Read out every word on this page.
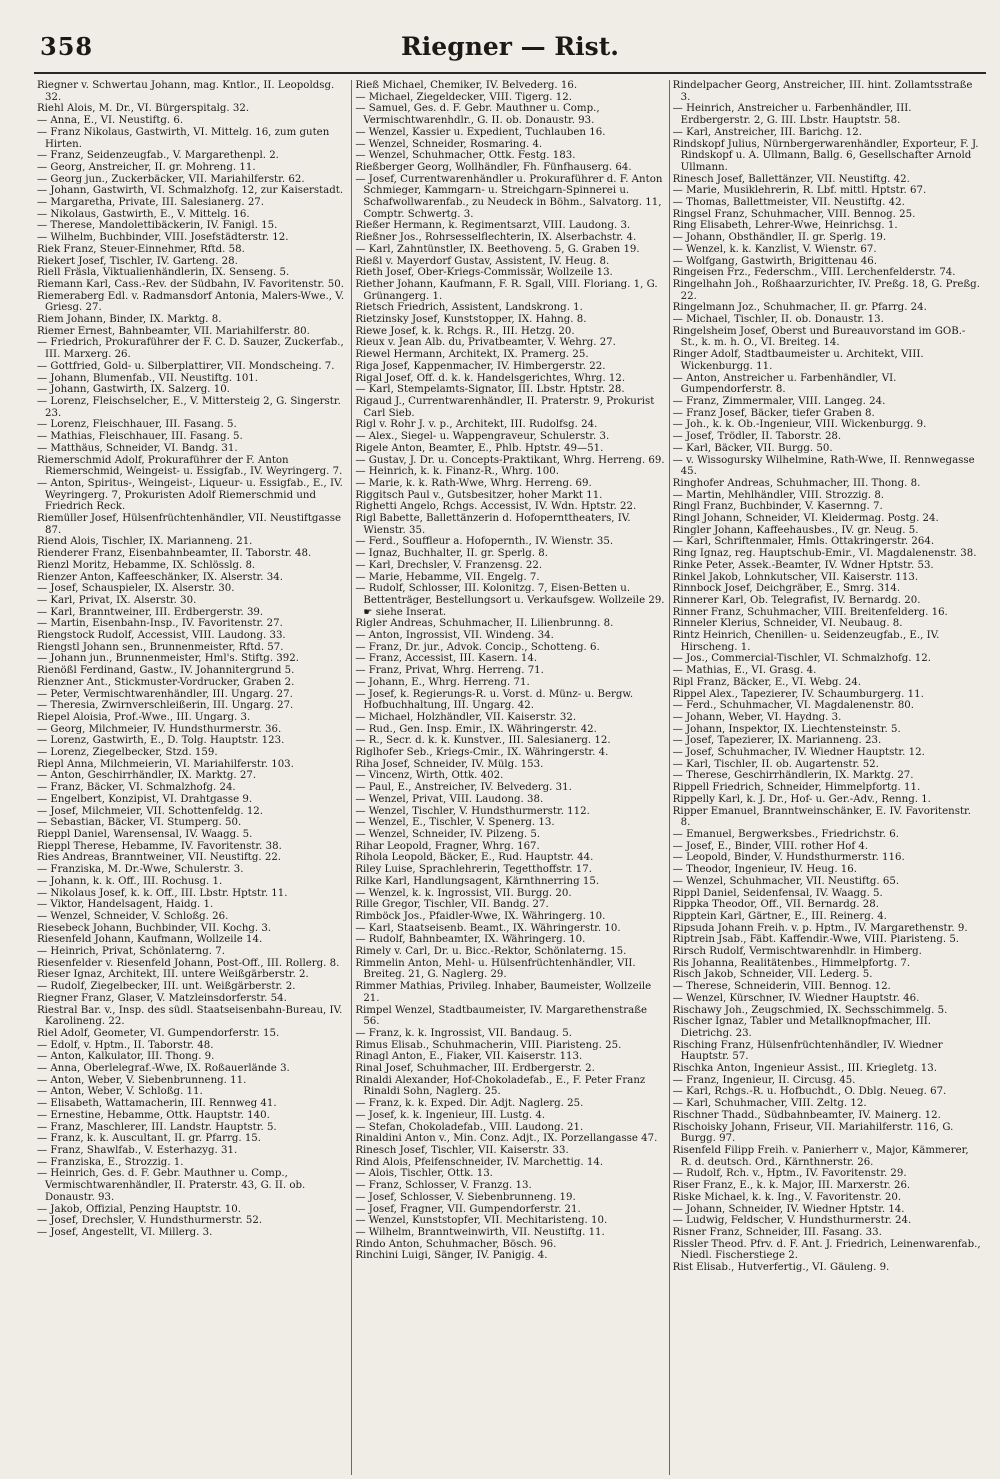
358	Riegner — Rist.

Riegner v. Schwertau Johann, mag. Kntlor., II. Leopoldsg. 32.

Riehl Alois, M. Dr., VI. Bürgerspitalg. 32.

— Anna, E., VI. Neustiftg. 6.

— Franz Nikolaus, Gastwirth, VI. Mittelg. 16, zum guten Hirten.

— Franz, Seidenzeugfab., V. Margarethenpl. 2.

— Georg, Anstreicher, II. gr. Mohreng. 11.

— Georg jun., Zuckerbäcker, VII. Mariahilferstr. 62.

— Johann, Gastwirth, VI. Schmalzhofg. 12, zur Kaiserstadt.

— Margaretha, Private, III. Salesianerg. 27.

— Nikolaus, Gastwirth, E., V. Mittelg. 16.

— Therese, Mandolettibäckerin, IV. Fanigl. 15.

— Wilhelm, Buchbinder, VIII. Josefstädterstr. 12.

Riek Franz, Steuer-Einnehmer, Rftd. 58.

Riekert Josef, Tischler, IV. Garteng. 28.

Riell Fräsla, Viktualienhändlerin, IX. Senseng. 5.

Riemann Karl, Cass.-Rev. der Südbahn, IV. Favoritenstr. 50.

Riemeraberg Edl. v. Radmansdorf Antonia, Malers-Wwe., V. Griesg. 27.

Riem Johann, Binder, IX. Marktg. 8.

Riemer Ernest, Bahnbeamter, VII. Mariahilferstr. 80.

— Friedrich, Prokuraführer der F. C. D. Sauzer, Zuckerfab., III. Marxerg. 26.

— Gottfried, Gold- u. Silberplattirer, VII. Mondscheing. 7.

— Johann, Blumenfab., VII. Neustiftg. 101.

— Johann, Gastwirth, IX. Salzerg. 10.

— Lorenz, Fleischselcher, E., V. Mittersteig 2, G. Singerstr. 23.

— Lorenz, Fleischhauer, III. Fasang. 5.

— Mathias, Fleischhauer, III. Fasang. 5.

— Matthäus, Schneider, VI. Bandg. 31.

Riemerschmid Adolf, Prokuraführer der F. Anton Riemerschmid, Weingeist- u. Essigfab., IV. Weyringerg. 7.

— Anton, Spiritus-, Weingeist-, Liqueur- u. Essigfab., E., IV. Weyringerg. 7, Prokuristen Adolf Riemerschmid und Friedrich Reck.

Riemüller Josef, Hülsenfrüchtenhändler, VII. Neustiftgasse 87.

Riend Alois, Tischler, IX. Marianneng. 21.

Rienderer Franz, Eisenbahnbeamter, II. Taborstr. 48.

Rienzl Moritz, Hebamme, IX. Schlösslg. 8.

Rienzer Anton, Kaffeeschänker, IX. Alserstr. 34.

— Josef, Schauspieler, IX. Alserstr. 30.

— Karl, Privat, IX. Alserstr. 30.

— Karl, Branntweiner, III. Erdbergerstr. 39.

— Martin, Eisenbahn-Insp., IV. Favoritenstr. 27.

Riengstock Rudolf, Accessist, VIII. Laudong. 33.

Riengstl Johann sen., Brunnenmeister, Rftd. 57.

— Johann jun., Brunnenmeister, Hml's. Stiftg. 392.

Rienößl Ferdinand, Gastw., IV. Johannitergrund 5.

Rienzner Ant., Stickmuster-Vordrucker, Graben 2.

— Peter, Vermischtwarenhändler, III. Ungarg. 27.

— Theresia, Zwirnverschleißerin, III. Ungarg. 27.

Riepel Aloisia, Prof.-Wwe., III. Ungarg. 3.

— Georg, Milchmeier, IV. Hundsthurmerstr. 36.

— Lorenz, Gastwirth, E., D. Tolg. Hauptstr. 123.

— Lorenz, Ziegelbecker, Stzd. 159.

Riepl Anna, Milchmeierin, VI. Mariahilferstr. 103.

— Anton, Geschirrhändler, IX. Marktg. 27.

— Franz, Bäcker, VI. Schmalzhofg. 24.

— Engelbert, Konzipist, VI. Drahtgasse 9.

— Josef, Milchmeier, VII. Schottenfeldg. 12.

— Sebastian, Bäcker, VI. Stumperg. 50.

Rieppl Daniel, Warensensal, IV. Waagg. 5.

Rieppl Therese, Hebamme, IV. Favoritenstr. 38.

Ries Andreas, Branntweiner, VII. Neustiftg. 22.

— Franziska, M. Dr.-Wwe, Schulerstr. 3.

— Johann, k. k. Off., III. Rochusg. 1.

— Nikolaus Josef, k. k. Off., III. Lbstr. Hptstr. 11.

— Viktor, Handelsagent, Haidg. 1.

— Wenzel, Schneider, V. Schloßg. 26.

Riesebeck Johann, Buchbinder, VII. Kochg. 3.

Riesenfeld Johann, Kaufmann, Wollzeile 14.

— Heinrich, Privat, Schönlaterng. 7.

Riesenfelder v. Riesenfeld Johann, Post-Off., III. Rollerg. 8.

Rieser Ignaz, Architekt, III. untere Weißgärberstr. 2.

— Rudolf, Ziegelbecker, III. unt. Weißgärberstr. 2.

Riegner Franz, Glaser, V. Matzleinsdorferstr. 54.

Riestral Bar. v., Insp. des südl. Staatseisenbahn-Bureau, IV. Karolineng. 22.

Riel Adolf, Geometer, VI. Gumpendorferstr. 15.

— Edolf, v. Hptm., II. Taborstr. 48.

— Anton, Kalkulator, III. Thong. 9.

— Anna, Oberlelegraf.-Wwe, IX. Roßauerlände 3.

— Anton, Weber, V. Siebenbrunneng. 11.

— Anton, Weber, V. Schloßg. 11.

— Elisabeth, Wattamacherin, III. Rennweg 41.

— Ernestine, Hebamme, Ottk. Hauptstr. 140.

— Franz, Maschlerer, III. Landstr. Hauptstr. 5.

— Franz, k. k. Auscultant, II. gr. Pfarrg. 15.

— Franz, Shawlfab., V. Esterhazyg. 31.

— Franziska, E., Strozzig. 1.

— Heinrich, Ges. d. F. Gebr. Mauthner u. Comp., Vermischtwarenhändler, II. Praterstr. 43, G. II. ob. Donaustr. 93.

— Jakob, Offizial, Penzing Hauptstr. 10.

— Josef, Drechsler, V. Hundsthurmerstr. 52.

— Josef, Angestellt, VI. Millerg. 3.

Rieß Michael, Chemiker, IV. Belvederg. 16.

— Michael, Ziegeldecker, VIII. Tigerg. 12.

— Samuel, Ges. d. F. Gebr. Mauthner u. Comp., Vermischtwarenhdlr., G. II. ob. Donaustr. 93.

— Wenzel, Kassier u. Expedient, Tuchlauben 16.

— Wenzel, Schneider, Rosmaring. 4.

— Wenzel, Schuhmacher, Ottk. Festg. 183.

Rießberger Georg, Wollhändler, Fh. Fünfhauserg. 64.

— Josef, Currentwarenhändler u. Prokuraführer d. F. Anton Schmieger, Kammgarn- u. Streichgarn-Spinnerei u. Schafwollwarenfab., zu Neudeck in Böhm., Salvatorg. 11, Comptr. Schwertg. 3.

Rießer Hermann, k. Regimentsarzt, VIII. Laudong. 3.

Rießner Jos., Rohrsesselflechterin, IX. Alserbachstr. 4.

— Karl, Zahntünstler, IX. Beethoveng. 5, G. Graben 19.

Rießl v. Mayerdorf Gustav, Assistent, IV. Heug. 8.

Rieth Josef, Ober-Kriegs-Commissär, Wollzeile 13.

Riether Johann, Kaufmann, F. R. Sgall, VIII. Floriang. 1, G. Grünangerg. 1.

Rietsch Friedrich, Assistent, Landskrong. 1.

Rietzinsky Josef, Kunststopper, IX. Hahng. 8.

Riewe Josef, k. k. Rchgs. R., III. Hetzg. 20.

Rieux v. Jean Alb. du, Privatbeamter, V. Wehrg. 27.

Riewel Hermann, Architekt, IX. Pramerg. 25.

Riga Josef, Kappenmacher, IV. Himbergerstr. 22.

Rigal Josef, Off. d. k. k. Handelsgerichtes, Whrg. 12.

— Karl, Stempelamts-Signator, III. Lbstr. Hptstr. 28.

Rigaud J., Currentwarenhändler, II. Praterstr. 9, Prokurist Carl Sieb.

Rigl v. Rohr J. v. p., Architekt, III. Rudolfsg. 24.

— Alex., Siegel- u. Wappengraveur, Schulerstr. 3.

Rigele Anton, Beamter, E., Phlb. Hptstr. 49—51.

— Gustav, J. Dr. u. Concepts-Praktikant, Whrg. Herreng. 69.

— Heinrich, k. k. Finanz-R., Whrg. 100.

— Marie, k. k. Rath-Wwe, Whrg. Herreng. 69.

Riggitsch Paul v., Gutsbesitzer, hoher Markt 11.

Righetti Angelo, Rchgs. Accessist, IV. Wdn. Hptstr. 22.

Rigl Babette, Ballettänzerin d. Hofopernttheaters, IV. Wienstr. 35.

— Ferd., Souffleur a. Hofopernth., IV. Wienstr. 35.

— Ignaz, Buchhalter, II. gr. Sperlg. 8.

— Karl, Drechsler, V. Franzensg. 22.

— Marie, Hebamme, VII. Engelg. 7.

— Rudolf, Schlosser, III. Kolonitzg. 7, Eisen-Betten u. Bettenträger, Bestellungsort u. Verkaufsgew. Wollzeile 29. ☛ siehe Inserat.

Rigler Andreas, Schuhmacher, II. Lilienbrunng. 8.

— Anton, Ingrossist, VII. Windeng. 34.

— Franz, Dr. jur., Advok. Concip., Schotteng. 6.

— Franz, Accessist, III. Kasern. 14.

— Franz, Privat, Whrg. Herreng. 71.

— Johann, E., Whrg. Herreng. 71.

— Josef, k. Regierungs-R. u. Vorst. d. Münz- u. Bergw. Hofbuchhaltung, III. Ungarg. 42.

— Michael, Holzhändler, VII. Kaiserstr. 32.

— Rud., Gen. Insp. Emir., IX. Währingerstr. 42.

— R., Secr. d. k. k. Kunstver., III. Salesianerg. 12.

Riglhofer Seb., Kriegs-Cmir., IX. Währingerstr. 4.

Riha Josef, Schneider, IV. Mülg. 153.

— Vincenz, Wirth, Ottk. 402.

— Paul, E., Anstreicher, IV. Belvederg. 31.

— Wenzel, Privat, VIII. Laudong. 38.

— Wenzel, Tischler, V. Hundsthurmerstr. 112.

— Wenzel, E., Tischler, V. Spenerg. 13.

— Wenzel, Schneider, IV. Pilzeng. 5.

Rihar Leopold, Fragner, Whrg. 167.

Rihola Leopold, Bäcker, E., Rud. Hauptstr. 44.

Riley Luise, Sprachlehrerin, Tegetthoffstr. 17.

Rilke Karl, Handlungsagent, Kärnthnerring 15.

— Wenzel, k. k. Ingrossist, VII. Burgg. 20.

Rille Gregor, Tischler, VII. Bandg. 27.

Rimböck Jos., Pfaidler-Wwe, IX. Währingerg. 10.

— Karl, Staatseisenb. Beamt., IX. Währingerstr. 10.

— Rudolf, Bahnbeamter, IX. Währingerg. 10.

Rimely v. Carl, Dr. u. Bicc.-Rektor, Schönlaterng. 15.

Rimmelin Anton, Mehl- u. Hülsenfrüchtenhändler, VII. Breiteg. 21, G. Naglerg. 29.

Rimmer Mathias, Privileg. Inhaber, Baumeister, Wollzeile 21.

Rimpel Wenzel, Stadtbaumeister, IV. Margarethenstraße 56.

— Franz, k. k. Ingrossist, VII. Bandaug. 5.

Rimus Elisab., Schuhmacherin, VIII. Piaristeng. 25.

Rinagl Anton, E., Fiaker, VII. Kaiserstr. 113.

Rinal Josef, Schuhmacher, III. Erdbergerstr. 2.

Rinaldi Alexander, Hof-Chokoladefab., E., F. Peter Franz Rinaldi Sohn, Naglerg. 25.

— Franz, k. k. Exped. Dir. Adjt. Naglerg. 25.

— Josef, k. k. Ingenieur, III. Lustg. 4.

— Stefan, Chokoladefab., VIII. Laudong. 21.

Rinaldini Anton v., Min. Conz. Adjt., IX. Porzellangasse 47.

Rinesch Josef, Tischler, VII. Kaiserstr. 33.

Rind Alois, Pfeifenschneider, IV. Marchettig. 14.

— Alois, Tischler, Ottk. 13.

— Franz, Schlosser, V. Franzg. 13.

— Josef, Schlosser, V. Siebenbrunneng. 19.

— Josef, Fragner, VII. Gumpendorferstr. 21.

— Wenzel, Kunststopfer, VII. Mechitaristeng. 10.

— Wilhelm, Branntweinwirth, VII. Neustiftg. 11.

Rindo Anton, Schuhmacher, Bösch. 96.

Rinchini Luigi, Sänger, IV. Panigig. 4.

Rindelpacher Georg, Anstreicher, III. hint. Zollamtsstraße 3.

— Heinrich, Anstreicher u. Farbenhändler, III. Erdbergerstr. 2, G. III. Lbstr. Hauptstr. 58.

— Karl, Anstreicher, III. Barichg. 12.

Rindskopf Julius, Nürnbergerwarenhändler, Exporteur, F. J. Rindskopf u. A. Ullmann, Ballg. 6, Gesellschafter Arnold Ullmann.

Rinesch Josef, Ballettänzer, VII. Neustiftg. 42.

— Marie, Musiklehrerin, R. Lbf. mittl. Hptstr. 67.

— Thomas, Ballettmeister, VII. Neustiftg. 42.

Ringsel Franz, Schuhmacher, VIII. Bennog. 25.

Ring Elisabeth, Lehrer-Wwe, Heinrichsg. 1.

— Johann, Obsthändler, II. gr. Sperlg. 19.

— Wenzel, k. k. Kanzlist, V. Wienstr. 67.

— Wolfgang, Gastwirth, Brigittenau 46.

Ringeisen Frz., Federschm., VIII. Lerchenfelderstr. 74.

Ringelhahn Joh., Roßhaarzurichter, IV. Preßg. 18, G. Preßg. 22.

Ringelmann Joz., Schuhmacher, II. gr. Pfarrg. 24.

— Michael, Tischler, II. ob. Donaustr. 13.

Ringelsheim Josef, Oberst und Bureauvorstand im GOB.-St., k. m. h. O., VI. Breiteg. 14.

Ringer Adolf, Stadtbaumeister u. Architekt, VIII. Wickenburgg. 11.

— Anton, Anstreicher u. Farbenhändler, VI. Gumpendorferstr. 8.

— Franz, Zimmermaler, VIII. Langeg. 24.

— Franz Josef, Bäcker, tiefer Graben 8.

— Joh., k. k. Ob.-Ingenieur, VIII. Wickenburgg. 9.

— Josef, Trödler, II. Taborstr. 28.

— Karl, Bäcker, VII. Burgg. 50.

— v. Wissogursky Wilhelmine, Rath-Wwe, II. Rennwegasse 45.

Ringhofer Andreas, Schuhmacher, III. Thong. 8.

— Martin, Mehlhändler, VIII. Strozzig. 8.

Ringl Franz, Buchbinder, V. Kasernng. 7.

Ringl Johann, Schneider, VI. Kleidermag. Postg. 24.

Ringler Johann, Kaffeehausbes., IV. gr. Neug. 5.

— Karl, Schriftenmaler, Hmls. Ottakringerstr. 264.

Ring Ignaz, reg. Hauptschub-Emir., VI. Magdalenenstr. 38.

Rinke Peter, Assek.-Beamter, IV. Wdner Hptstr. 53.

Rinkel Jakob, Lohnkutscher, VII. Kaiserstr. 113.

Rinnbock Josef, Deichgräber, E., Smrg. 314.

Rinnerer Karl, Ob. Telegrafist, IV. Bernardg. 20.

Rinner Franz, Schuhmacher, VIII. Breitenfelderg. 16.

Rinneler Klerius, Schneider, VI. Neubaug. 8.

Rintz Heinrich, Chenillen- u. Seidenzeugfab., E., IV. Hirscheng. 1.

— Jos., Commercial-Tischler, VI. Schmalzhofg. 12.

— Mathias, E., VI. Grasg. 4.

Ripl Franz, Bäcker, E., VI. Webg. 24.

Rippel Alex., Tapezierer, IV. Schaumburgerg. 11.

— Ferd., Schuhmacher, VI. Magdalenenstr. 80.

— Johann, Weber, VI. Haydng. 3.

— Johann, Inspektor, IX. Liechtensteinstr. 5.

— Josef, Tapezierer, IX. Marianneng. 23.

— Josef, Schuhmacher, IV. Wiedner Hauptstr. 12.

— Karl, Tischler, II. ob. Augartenstr. 52.

— Therese, Geschirrhändlerin, IX. Marktg. 27.

Rippell Friedrich, Schneider, Himmelpfortg. 11.

Rippelly Karl, k. J. Dr., Hof- u. Ger.-Adv., Renng. 1.

Ripper Emanuel, Branntweinschänker, E. IV. Favoritenstr. 8.

— Emanuel, Bergwerksbes., Friedrichstr. 6.

— Josef, E., Binder, VIII. rother Hof 4.

— Leopold, Binder, V. Hundsthurmerstr. 116.

— Theodor, Ingenieur, IV. Heug. 16.

— Wenzel, Schuhmacher, VII. Neustiftg. 65.

Rippl Daniel, Seidenfensal, IV. Waagg. 5.

Rippka Theodor, Off., VII. Bernardg. 28.

Ripptein Karl, Gärtner, E., III. Reinerg. 4.

Ripsuda Johann Freih. v. p. Hptm., IV. Margarethenstr. 9.

Riptrein Jsab., Fäbt. Kaffendir.-Wwe, VIII. Piaristeng. 5.

Rirsch Rudolf, Vermischtwarenhdlr. in Himberg.

Ris Johanna, Realitätenbes., Himmelpfortg. 7.

Risch Jakob, Schneider, VII. Lederg. 5.

— Therese, Schneiderin, VIII. Bennog. 12.

— Wenzel, Kürschner, IV. Wiedner Hauptstr. 46.

Rischawy Joh., Zeugschmied, IX. Sechsschimmelg. 5.

Rischer Ignaz, Tabler und Metallknopfmacher, III. Dietrichg. 23.

Risching Franz, Hülsenfrüchtenhändler, IV. Wiedner Hauptstr. 57.

Rischka Anton, Ingenieur Assist., III. Kriegletg. 13.

— Franz, Ingenieur, II. Circusg. 45.

— Karl, Rchgs.-R. u. Hofbuchdt., O. Dblg. Neueg. 67.

— Karl, Schuhmacher, VIII. Zeltg. 12.

Rischner Thadd., Südbahnbeamter, IV. Mainerg. 12.

Rischoisky Johann, Friseur, VII. Mariahilferstr. 116, G. Burgg. 97.

Risenfeld Filipp Freih. v. Panierherr v., Major, Kämmerer, R. d. deutsch. Ord., Kärnthnerstr. 26.

— Rudolf, Rch. v., Hptm., IV. Favoritenstr. 29.

Riser Franz, E., k. k. Major, III. Marxerstr. 26.

Riske Michael, k. k. Ing., V. Favoritenstr. 20.

— Johann, Schneider, IV. Wiedner Hptstr. 14.

— Ludwig, Feldscher, V. Hundsthurmerstr. 24.

Risner Franz, Schneider, III. Fasang. 33.

Rissler Theod. Pfrv. d. F. Ant. J. Friedrich, Leinenwarenfab., Niedl. Fischerstiege 2.

Rist Elisab., Hutverfertig., VI. Gäuleng. 9.
